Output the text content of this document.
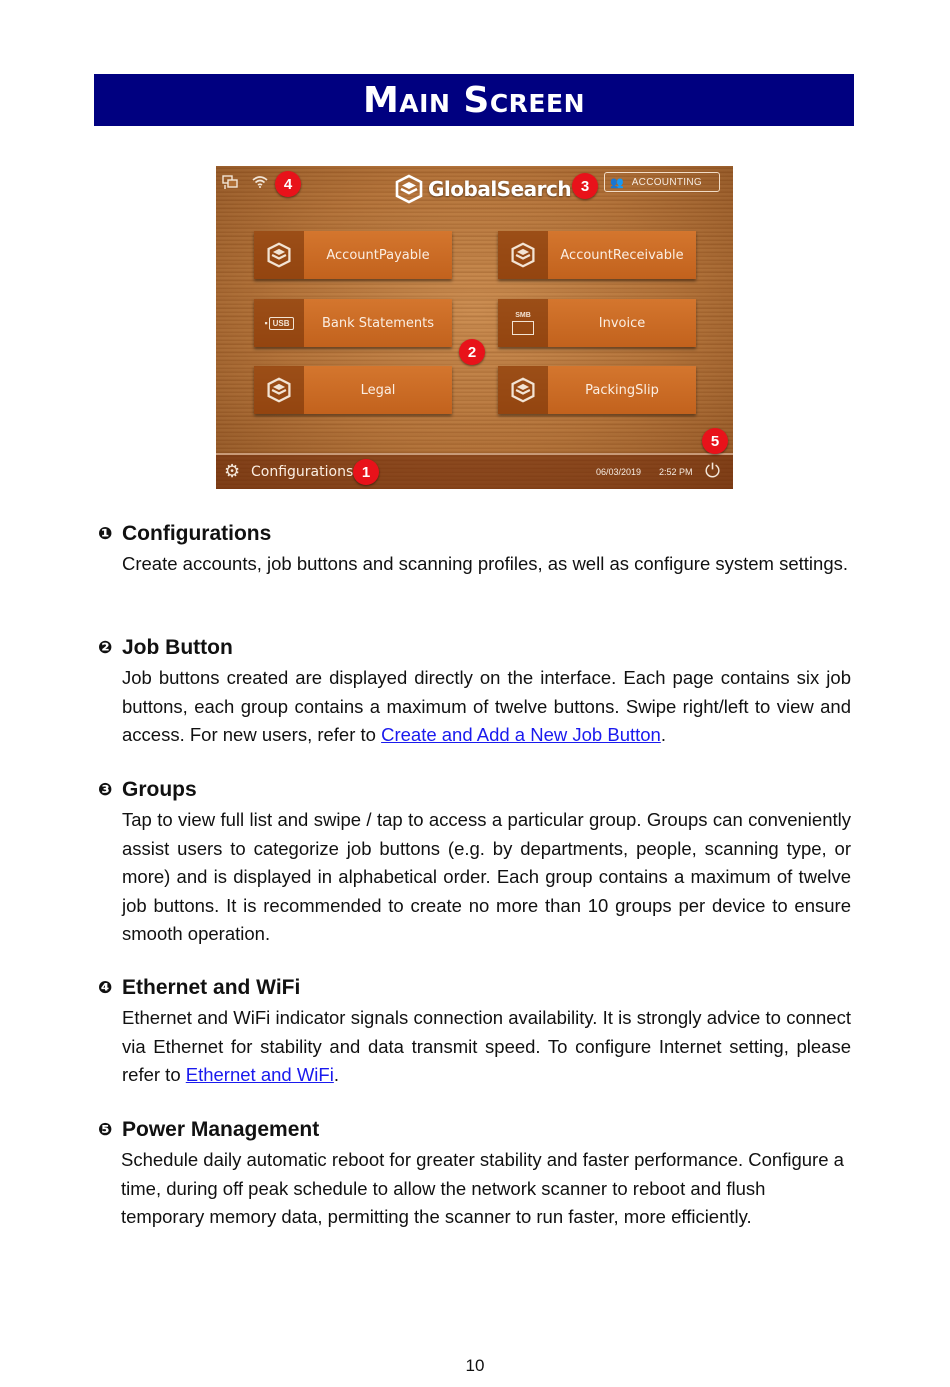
Main Screen
GlobalSearch	👥 ACCOUNTING
AccountPayable	AccountReceivable
▪ USB	Bank Statements
SMB
Invoice
Legal	PackingSlip
⚙ Configurations	06/03/2019 2:52 PM ⏻
1
2
3
4
5
❶ Configurations

Create accounts, job buttons and scanning profiles, as well as configure system settings.

❷ Job Button

Job buttons created are displayed directly on the interface. Each page contains six job buttons, each group contains a maximum of twelve buttons. Swipe right/left to view and access. For new users, refer to Create and Add a New Job Button.

❸ Groups

Tap to view full list and swipe / tap to access a particular group. Groups can conveniently assist users to categorize job buttons (e.g. by departments, people, scanning type, or more) and is displayed in alphabetical order. Each group contains a maximum of twelve job buttons. It is recommended to create no more than 10 groups per device to ensure smooth operation.

❹ Ethernet and WiFi

Ethernet and WiFi indicator signals connection availability. It is strongly advice to connect via Ethernet for stability and data transmit speed. To configure Internet setting, please refer to Ethernet and WiFi.

❺ Power Management

Schedule daily automatic reboot for greater stability and faster performance. Configure a time, during off peak schedule to allow the network scanner to reboot and flush temporary memory data, permitting the scanner to run faster, more efficiently.

10
